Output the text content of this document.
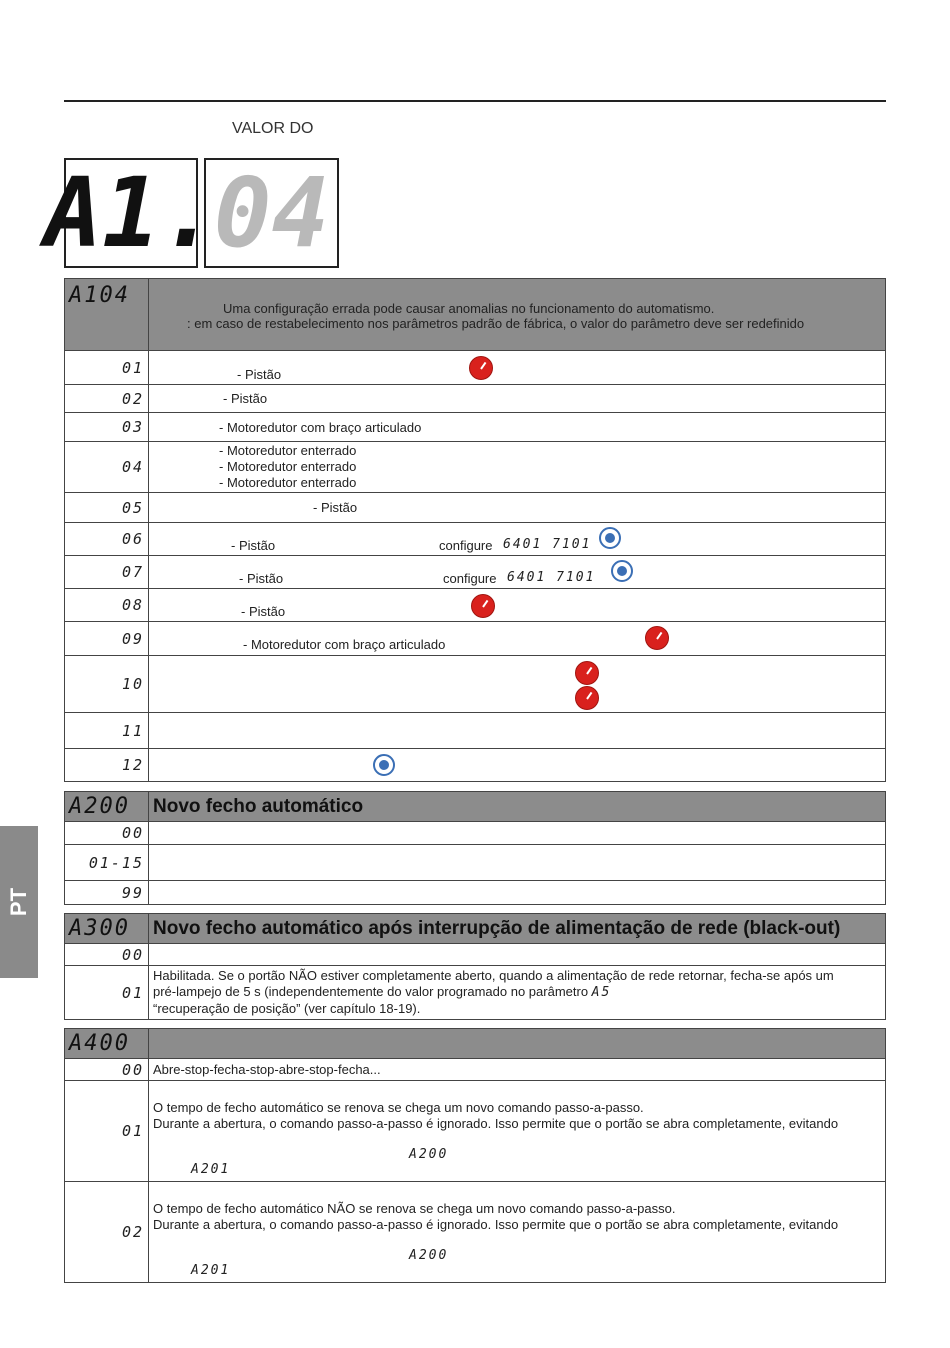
VALOR DO
A1.
04
A104	Uma configuração errada pode causar anomalias no funcionamento do automatismo.
: em caso de restabelecimento nos parâmetros padrão de fábrica, o valor do parâmetro deve ser redefinido

01	- Pistão

02	- Pistão
03	- Motoredutor com braço articulado
04	- Motoredutor enterrado
- Motoredutor enterrado
- Motoredutor enterrado

05	- Pistão
06	- Pistão configure 6401 7101

07	- Pistão configure 6401 7101

08	- Pistão

09	- Motoredutor com braço articulado

10	

11	
12	
A200	Novo fecho automático
00	
01-15	
99	
A300	Novo fecho automático após interrupção de alimentação de rede (black-out)
00	
01	Habilitada. Se o portão NÃO estiver completamente aberto, quando a alimentação de rede retornar, fecha-se após um
pré-lampejo de 5 s (independentemente do valor programado no parâmetro A5
“recuperação de posição” (ver capítulo 18-19).
A400	
00	Abre-stop-fecha-stop-abre-stop-fecha...
01	O tempo de fecho automático se renova se chega um novo comando passo-a-passo.
Durante a abertura, o comando passo-a-passo é ignorado. Isso permite que o portão se abra completamente, evitando
A200
A201

02	O tempo de fecho automático NÃO se renova se chega um novo comando passo-a-passo.
Durante a abertura, o comando passo-a-passo é ignorado. Isso permite que o portão se abra completamente, evitando
A200
A201
PT
